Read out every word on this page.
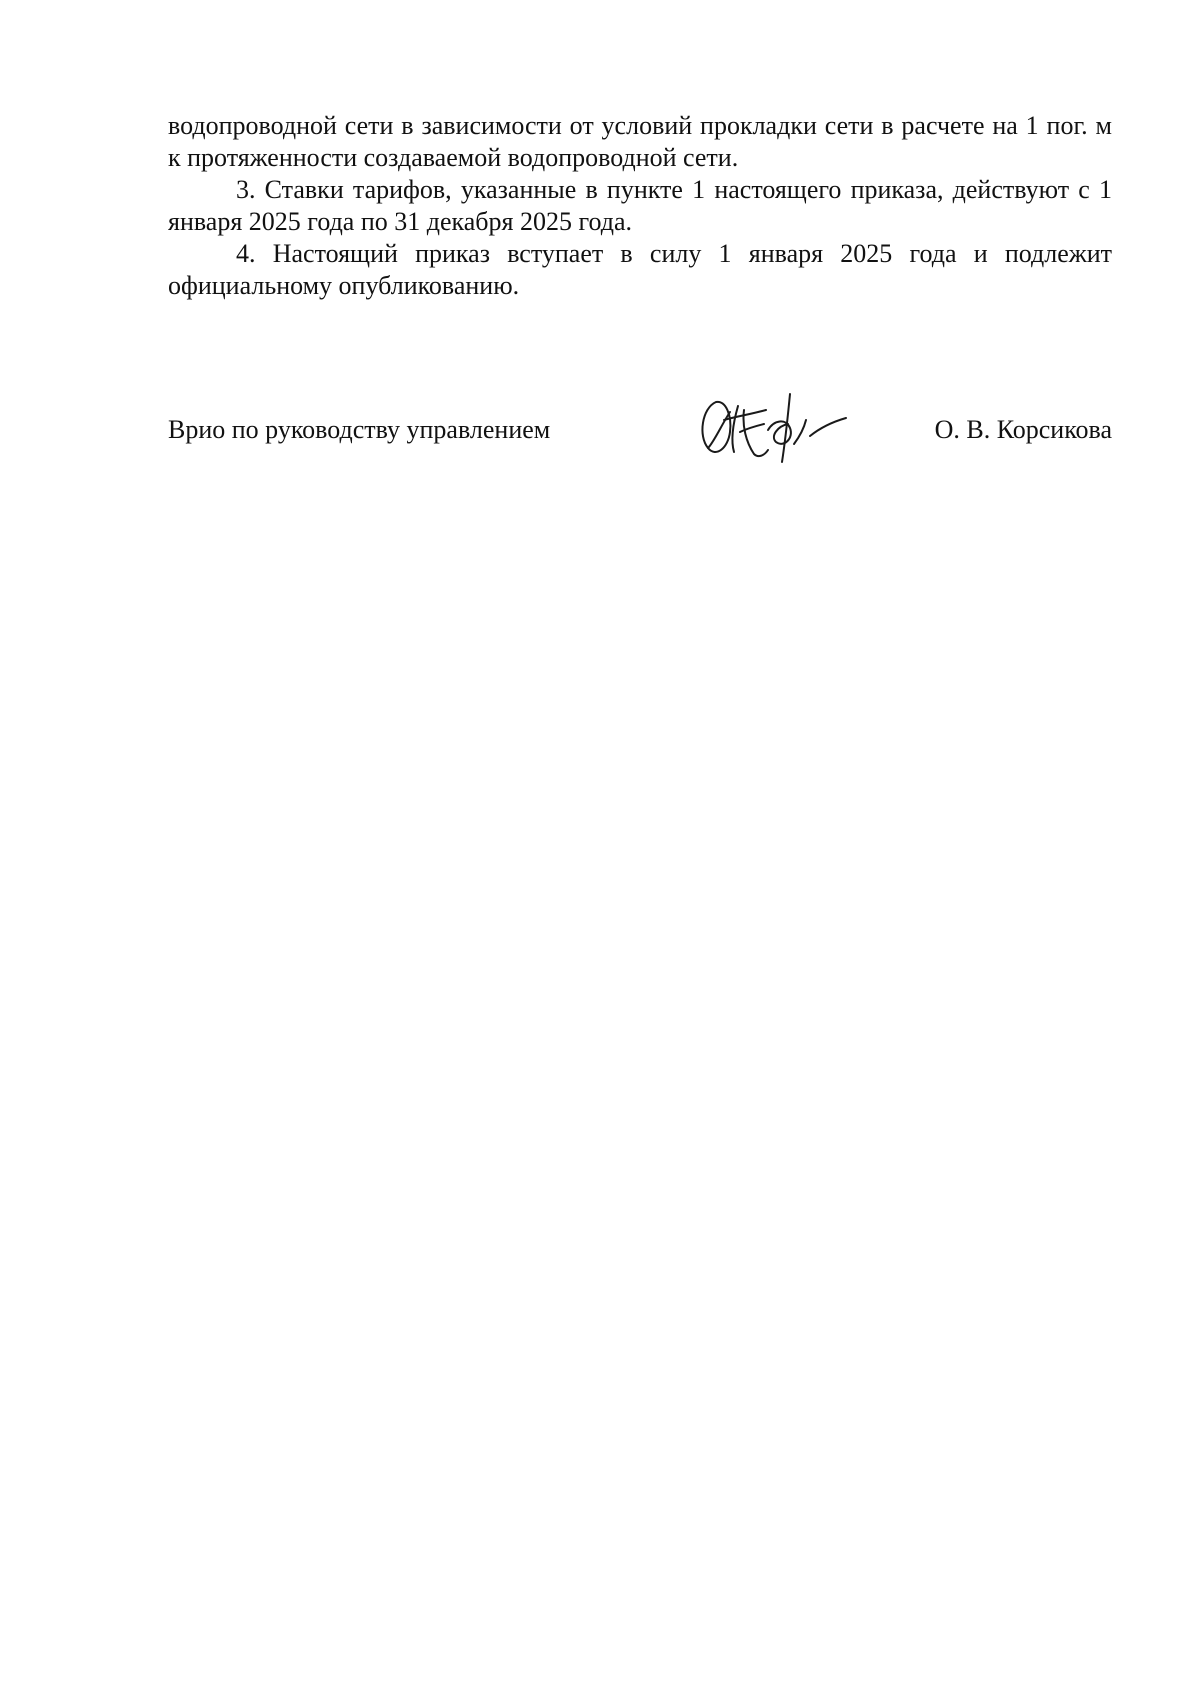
водопроводной сети в зависимости от условий прокладки сети в расчете на 1 пог. м к протяженности создаваемой водопроводной сети.

3. Ставки тарифов, указанные в пункте 1 настоящего приказа, действуют с 1 января 2025 года по 31 декабря 2025 года.

4. Настоящий приказ вступает в силу 1 января 2025 года и подлежит официальному опубликованию.

Врио по руководству управлением	О. В. Корсикова
